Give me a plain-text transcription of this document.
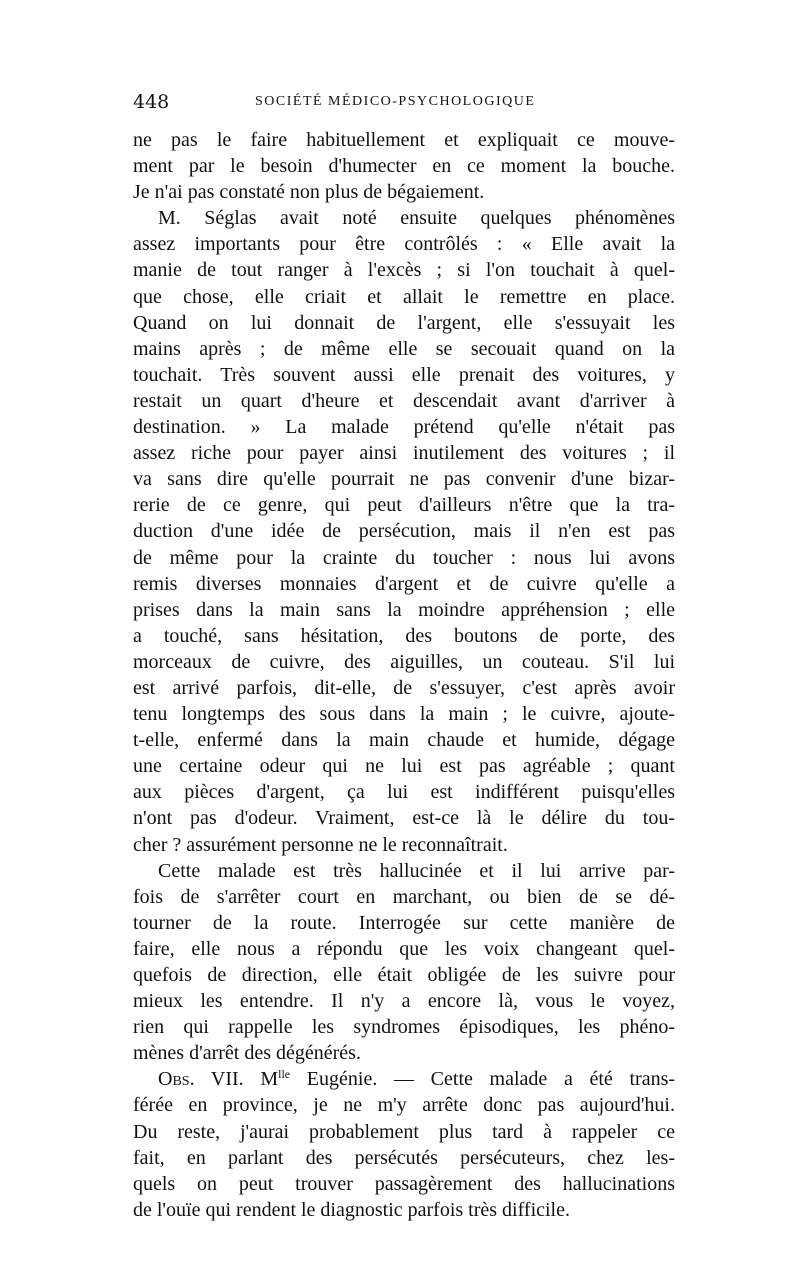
448	SOCIÉTÉ MÉDICO-PSYCHOLOGIQUE
ne pas le faire habituellement et expliquait ce mouve-
ment par le besoin d'humecter en ce moment la bouche.
Je n'ai pas constaté non plus de bégaiement.
M. Séglas avait noté ensuite quelques phénomènes
assez importants pour être contrôlés : « Elle avait la
manie de tout ranger à l'excès ; si l'on touchait à quel-
que chose, elle criait et allait le remettre en place.
Quand on lui donnait de l'argent, elle s'essuyait les
mains après ; de même elle se secouait quand on la
touchait. Très souvent aussi elle prenait des voitures, y
restait un quart d'heure et descendait avant d'arriver à
destination. » La malade prétend qu'elle n'était pas
assez riche pour payer ainsi inutilement des voitures ; il
va sans dire qu'elle pourrait ne pas convenir d'une bizar-
rerie de ce genre, qui peut d'ailleurs n'être que la tra-
duction d'une idée de persécution, mais il n'en est pas
de même pour la crainte du toucher : nous lui avons
remis diverses monnaies d'argent et de cuivre qu'elle a
prises dans la main sans la moindre appréhension ; elle
a touché, sans hésitation, des boutons de porte, des
morceaux de cuivre, des aiguilles, un couteau. S'il lui
est arrivé parfois, dit-elle, de s'essuyer, c'est après avoir
tenu longtemps des sous dans la main ; le cuivre, ajoute-
t-elle, enfermé dans la main chaude et humide, dégage
une certaine odeur qui ne lui est pas agréable ; quant
aux pièces d'argent, ça lui est indifférent puisqu'elles
n'ont pas d'odeur. Vraiment, est-ce là le délire du tou-
cher ? assurément personne ne le reconnaîtrait.
Cette malade est très hallucinée et il lui arrive par-
fois de s'arrêter court en marchant, ou bien de se dé-
tourner de la route. Interrogée sur cette manière de
faire, elle nous a répondu que les voix changeant quel-
quefois de direction, elle était obligée de les suivre pour
mieux les entendre. Il n'y a encore là, vous le voyez,
rien qui rappelle les syndromes épisodiques, les phéno-
mènes d'arrêt des dégénérés.
Obs. VII. $M^{lle}$ Eugénie. — Cette malade a été trans-
férée en province, je ne m'y arrête donc pas aujourd'hui.
Du reste, j'aurai probablement plus tard à rappeler ce
fait, en parlant des persécutés persécuteurs, chez les-
quels on peut trouver passagèrement des hallucinations
de l'ouïe qui rendent le diagnostic parfois très difficile.
